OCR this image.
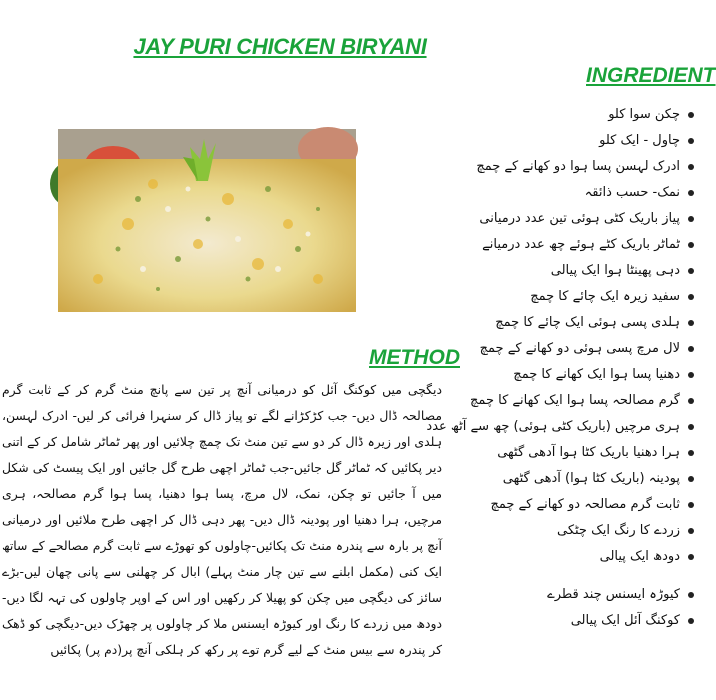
JAY PURI CHICKEN BIRYANI
INGREDIENT
چکن سوا کلو
چاول - ایک کلو
ادرک لہسن پسا ہوا دو کھانے کے چمچ
نمک- حسب ذائقہ
پیاز باریک کٹی ہوئی تین عدد درمیانی
ٹماٹر باریک کٹے ہوئے چھ عدد درمیانے
دہی پھینٹا ہوا ایک پیالی
سفید زیرہ ایک چائے کا چمچ
ہلدی پسی ہوئی ایک چائے کا چمچ
لال مرچ پسی ہوئی دو کھانے کے چمچ
دھنیا پسا ہوا ایک کھانے کا چمچ
گرم مصالحہ پسا ہوا ایک کھانے کا چمچ
ہری مرچیں (باریک کٹی ہوئی) چھ سے آٹھ عدد
ہرا دھنیا باریک کٹا ہوا آدھی گٹھی
پودینہ (باریک کٹا ہوا) آدھی گٹھی
ثابت گرم مصالحہ دو کھانے کے چمچ
زردے کا رنگ ایک چٹکی
دودھ ایک پیالی
کیوڑہ ایسنس چند قطرے
کوکنگ آئل ایک پیالی
METHOD

دیگچی میں کوکنگ آئل کو درمیانی آنچ پر تین سے پانچ منٹ گرم کر کے ثابت گرم مصالحہ ڈال دیں- جب کڑکڑانے لگے تو پیاز ڈال کر سنہرا فرائی کر لیں- ادرک لہسن، ہلدی اور زیرہ ڈال کر دو سے تین منٹ تک چمچ چلائیں اور پھر ٹماٹر شامل کر کے اتنی دیر پکائیں کہ ٹماٹر گل جائیں-جب ٹماٹر اچھی طرح گل جائیں اور ایک پیسٹ کی شکل میں آ جائیں تو چکن، نمک، لال مرچ، پسا ہوا دھنیا، پسا ہوا گرم مصالحہ، ہری مرچیں، ہرا دھنیا اور پودینہ ڈال دیں- پھر دہی ڈال کر اچھی طرح ملائیں اور درمیانی آنچ پر بارہ سے پندرہ منٹ تک پکائیں-چاولوں کو تھوڑے سے ثابت گرم مصالحے کے ساتھ ایک کنی (مکمل ابلنے سے تین چار منٹ پہلے) ابال کر چھلنی سے پانی چھان لیں-بڑے سائز کی دیگچی میں چکن کو پھیلا کر رکھیں اور اس کے اوپر چاولوں کی تہہ لگا دیں- دودھ میں زردے کا رنگ اور کیوڑہ ایسنس ملا کر چاولوں پر چھڑک دیں-دیگچی کو ڈھک کر پندرہ سے بیس منٹ کے لیے گرم توے پر رکھ کر ہلکی آنچ پر(دم پر) پکائیں
